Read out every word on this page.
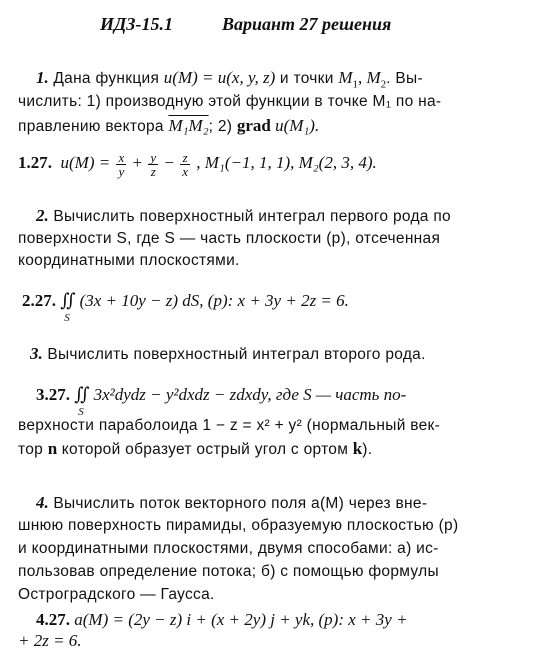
ИДЗ-15.1	Вариант 27 решения
1. Дана функция u(M) = u(x, y, z) и точки $M_1$, $M_2$. Вы-
числить: 1) производную этой функции в точке M₁ по на-
правлению вектора M₁M₂; 2) grad u(M₁).
1.27. $u(M) = \frac{x}{y} + \frac{y}{z} - \frac{z}{x}$ , M₁(−1, 1, 1), M₂(2, 3, 4).
2. Вычислить поверхностный интеграл первого рода по
поверхности S, где S — часть плоскости (p), отсеченная
координатными плоскостями.
2.27. ∬
S
(3x + 10y − z) dS, (p): x + 3y + 2z = 6.
3. Вычислить поверхностный интеграл второго рода.
3.27. ∬
S
3x²dydz − y²dxdz − zdxdy, где S — часть по-
верхности параболоида 1 − z = x² + y² (нормальный век-
тор n которой образует острый угол с ортом k).
4. Вычислить поток векторного поля a(M) через вне-
шнюю поверхность пирамиды, образуемую плоскостью (p)
и координатными плоскостями, двумя способами: а) ис-
пользовав определение потока; б) с помощью формулы
Остроградского — Гаусса.
4.27. a(M) = (2y − z) i + (x + 2y) j + yk, (p): x + 3y +
+ 2z = 6.
